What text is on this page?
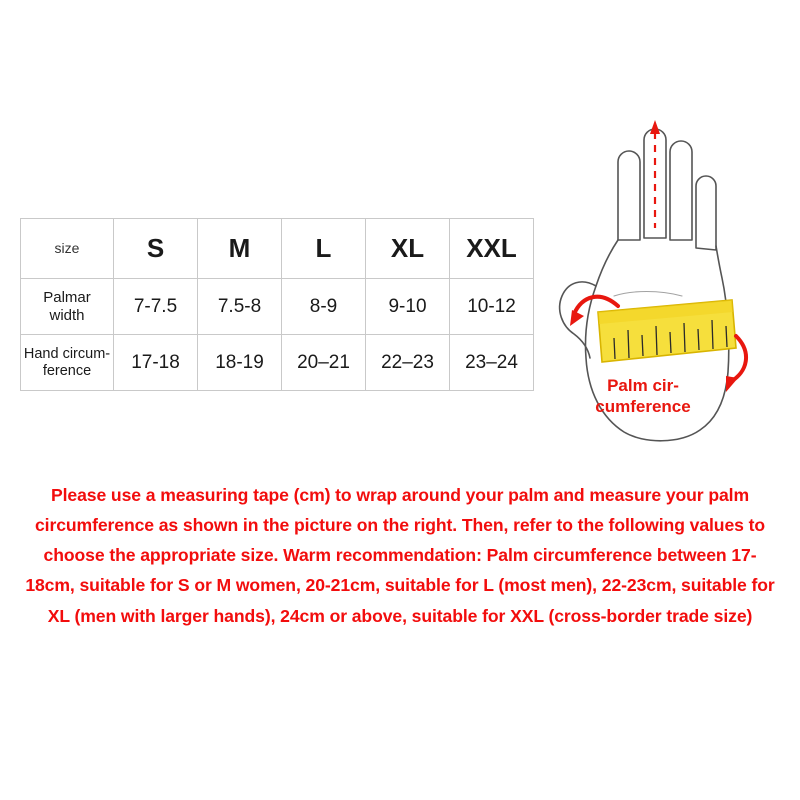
size	S	M	L	XL	XXL

Palmar
width	7-7.5	7.5-8	8-9	9-10	10-12

Hand circum-
ference	17-18	18-19	20–21	22–23	23–24
Palm cir-
cumference

Please use a measuring tape (cm) to wrap around your palm and measure your palm circumference as shown in the picture on the right. Then, refer to the following values to choose the appropriate size. Warm recommendation: Palm circumference between 17-18cm, suitable for S or M women, 20-21cm, suitable for L (most men), 22-23cm, suitable for XL (men with larger hands), 24cm or above, suitable for XXL (cross-border trade size)
